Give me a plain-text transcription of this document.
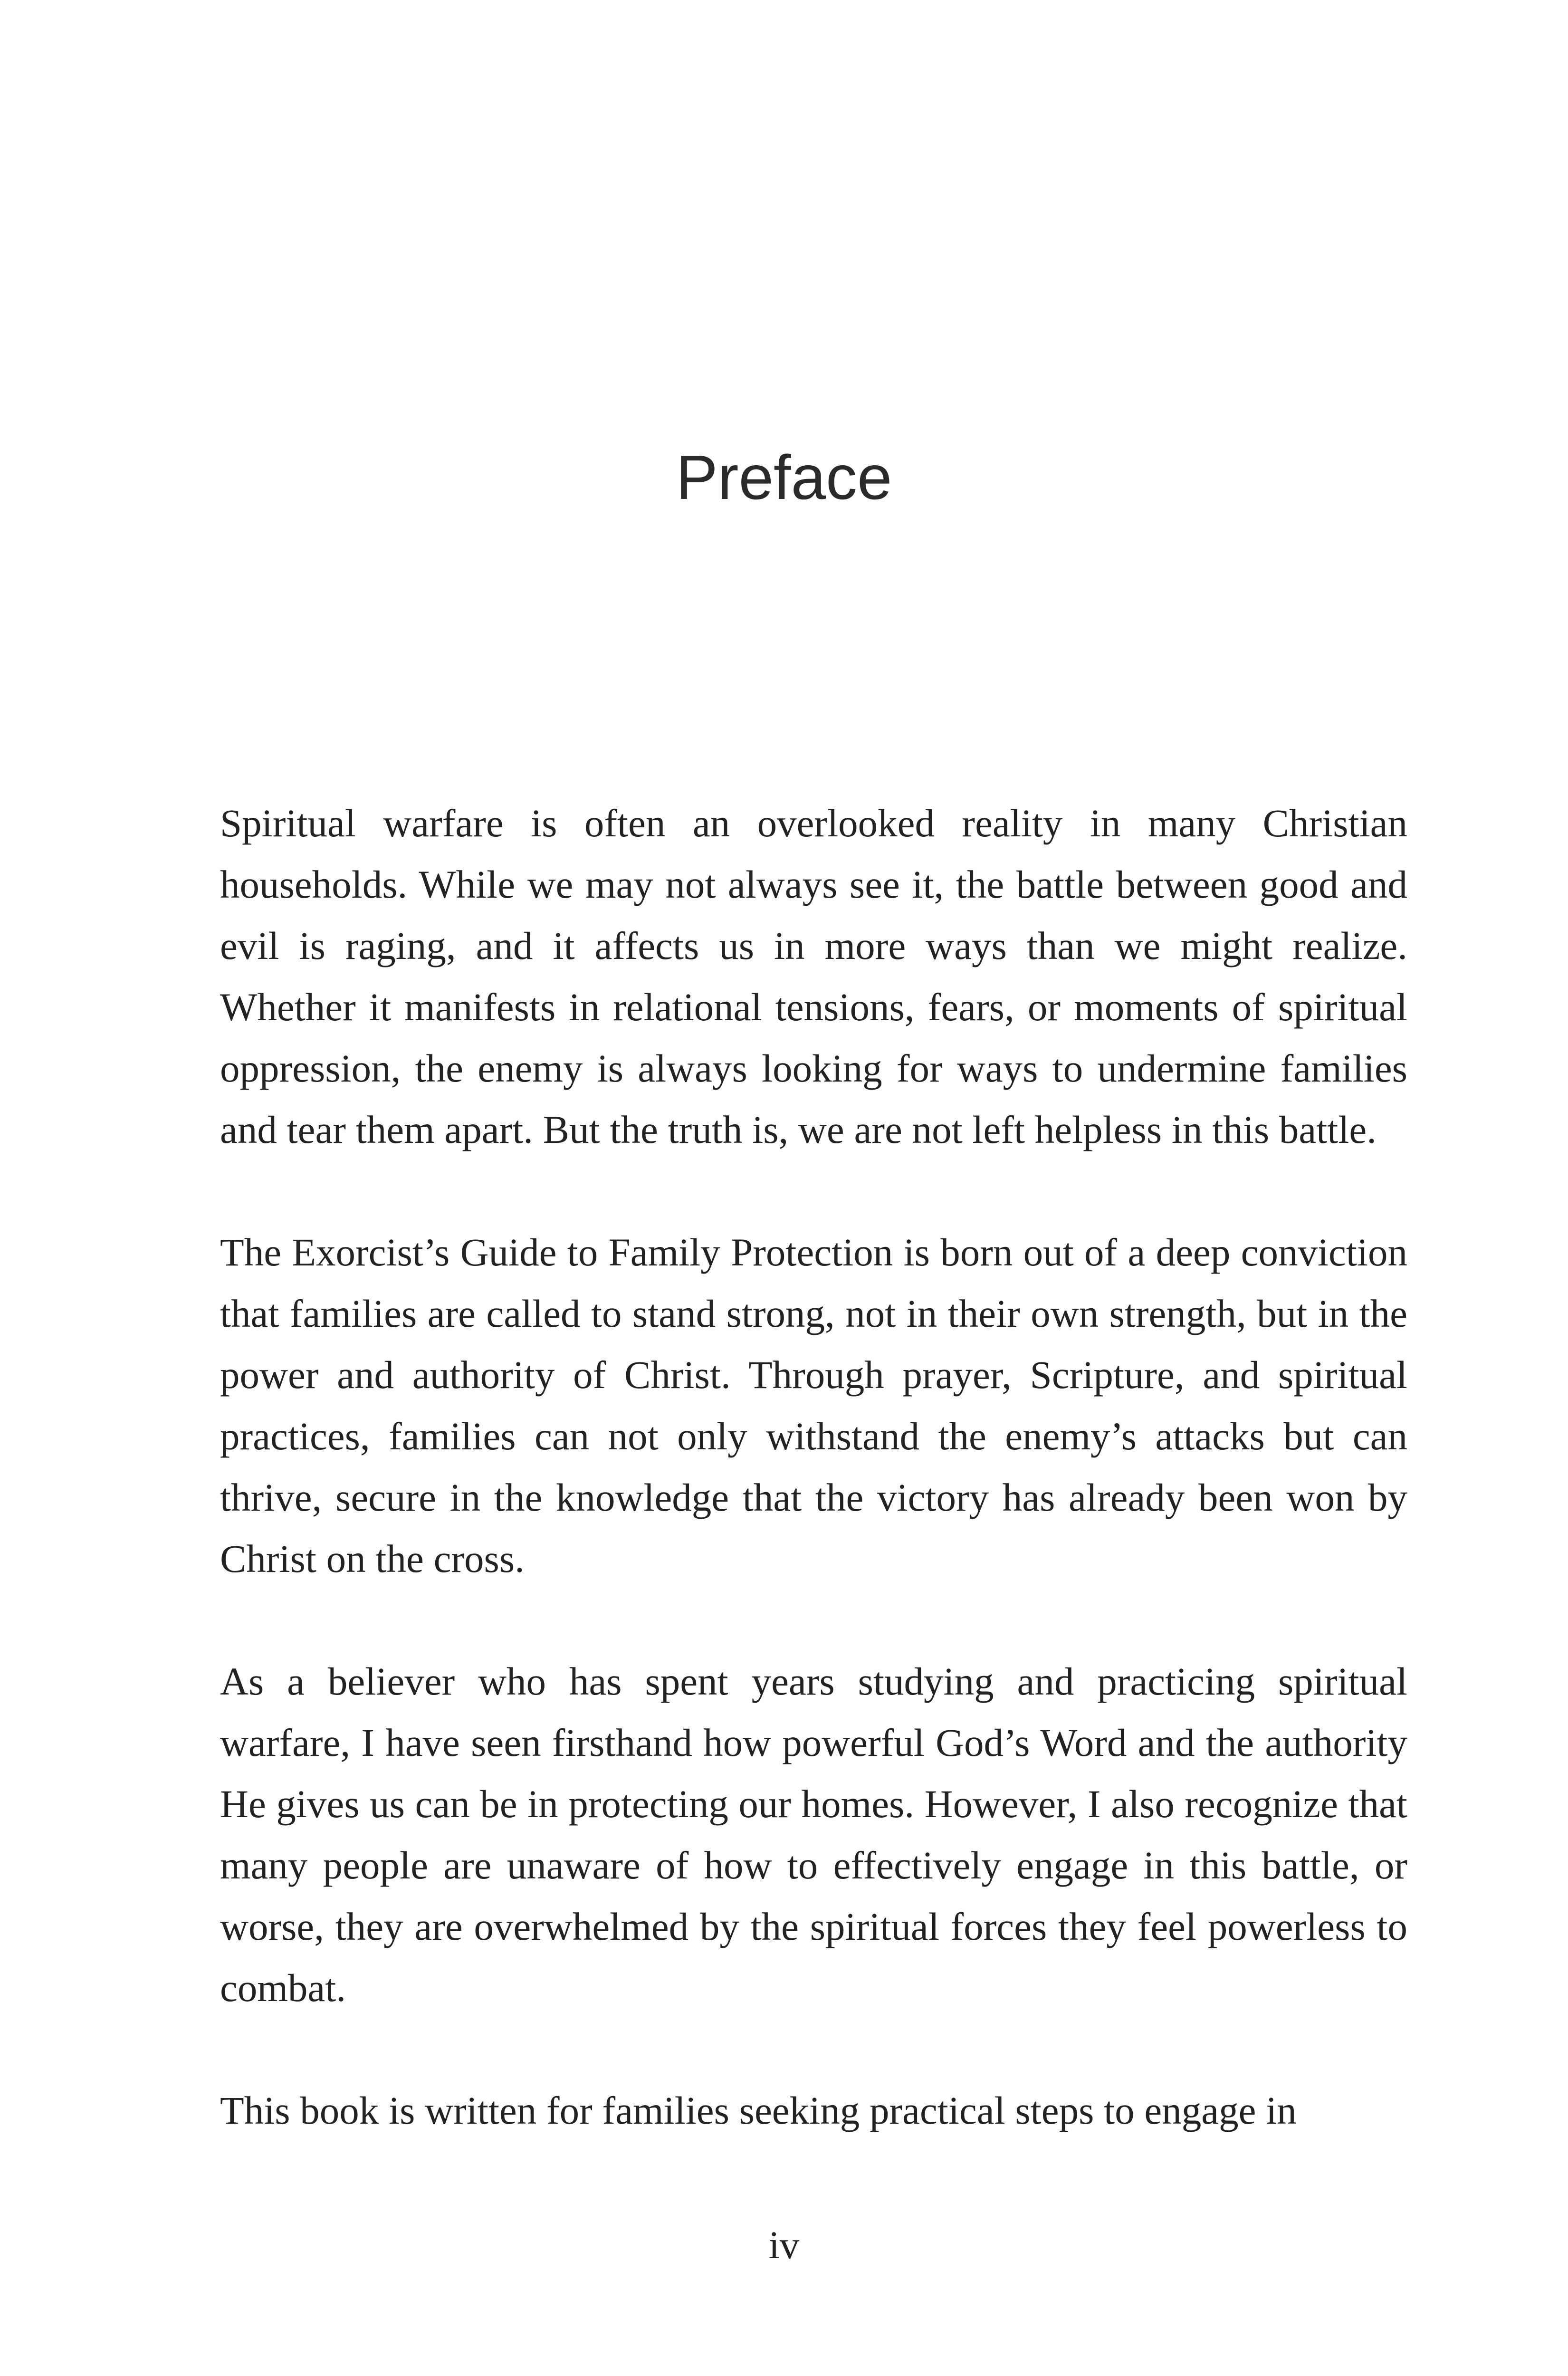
Preface

Spiritual warfare is often an overlooked reality in many Christian households. While we may not always see it, the battle between good and evil is raging, and it affects us in more ways than we might realize. Whether it manifests in relational tensions, fears, or moments of spiritual oppression, the enemy is always looking for ways to undermine families and tear them apart. But the truth is, we are not left helpless in this battle.

The Exorcist’s Guide to Family Protection is born out of a deep conviction that families are called to stand strong, not in their own strength, but in the power and authority of Christ. Through prayer, Scripture, and spiritual practices, families can not only withstand the enemy’s attacks but can thrive, secure in the knowledge that the victory has already been won by Christ on the cross.

As a believer who has spent years studying and practicing spiritual warfare, I have seen firsthand how powerful God’s Word and the authority He gives us can be in protecting our homes. However, I also recognize that many people are unaware of how to effectively engage in this battle, or worse, they are overwhelmed by the spiritual forces they feel powerless to combat.

This book is written for families seeking practical steps to engage in

iv
